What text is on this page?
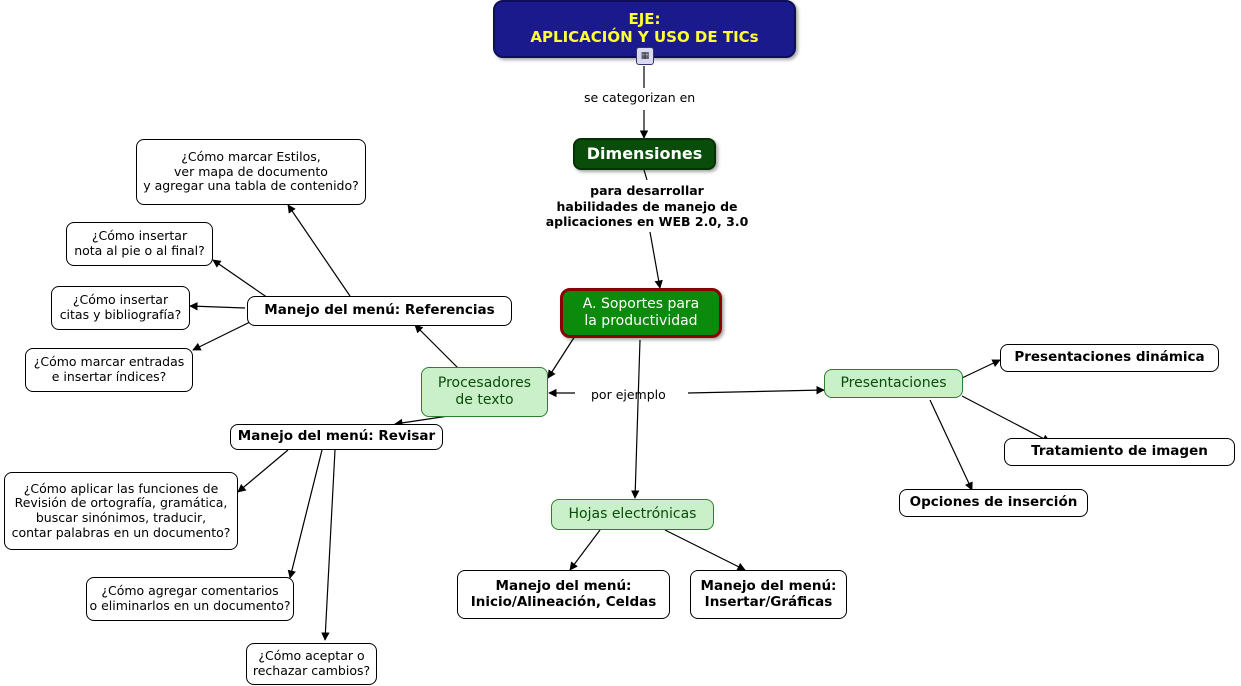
EJE:
APLICACIÓN Y USO DE TICs
▦
se categorizan en
Dimensiones
para desarrollar
habilidades de manejo de
aplicaciones en WEB 2.0, 3.0
A. Soportes para
la productividad
Procesadores
de texto	por ejemplo
Presentaciones
Hojas electrónicas
Manejo del menú: Referencias
Manejo del menú: Revisar
Manejo del menú:
Inicio/Alineación, Celdas
Manejo del menú:
Insertar/Gráficas
Presentaciones dinámica
Tratamiento de imagen
Opciones de inserción
¿Cómo marcar Estilos,
ver mapa de documento
y agregar una tabla de contenido?
¿Cómo insertar
nota al pie o al final?
¿Cómo insertar
citas y bibliografía?
¿Cómo marcar entradas
e insertar índices?
¿Cómo aplicar las funciones de
Revisión de ortografía, gramática,
buscar sinónimos, traducir,
contar palabras en un documento?
¿Cómo agregar comentarios
o eliminarlos en un documento?
¿Cómo aceptar o
rechazar cambios?
